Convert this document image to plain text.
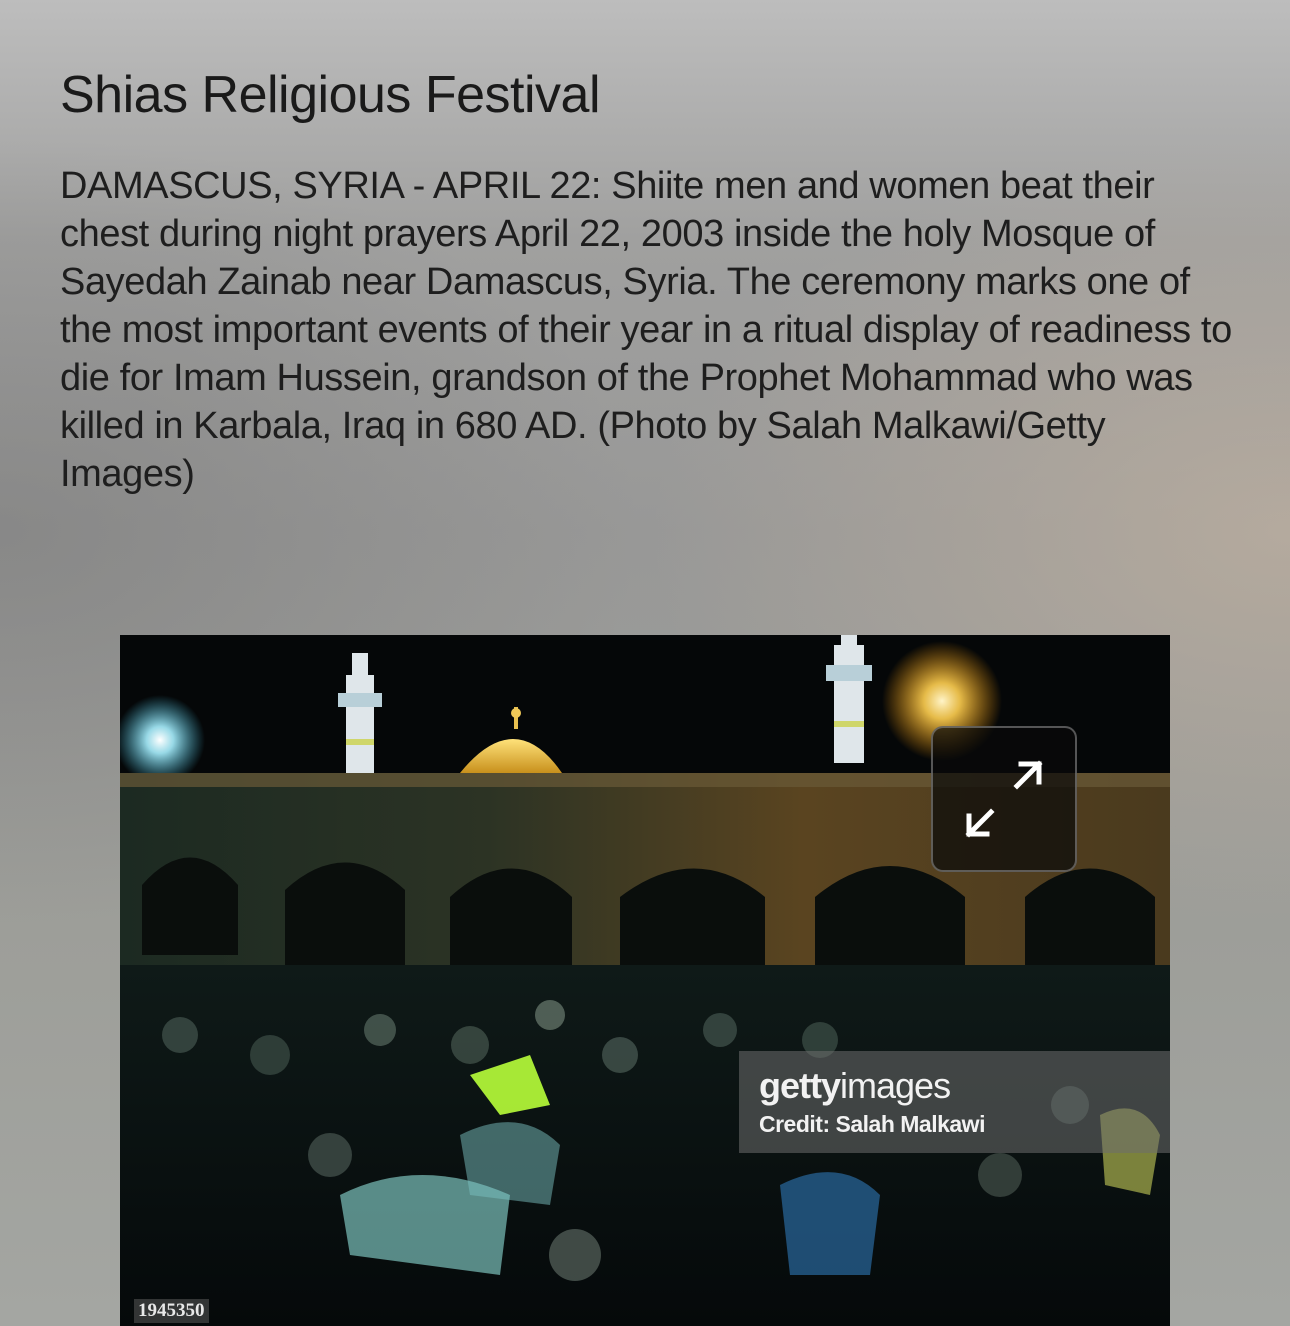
Shias Religious Festival

DAMASCUS, SYRIA - APRIL 22: Shiite men and women beat their chest during night prayers April 22, 2003 inside the holy Mosque of Sayedah Zainab near Damascus, Syria. The ceremony marks one of the most important events of their year in a ritual display of readiness to die for Imam Hussein, grandson of the Prophet Mohammad who was killed in Karbala, Iraq in 680 AD. (Photo by Salah Malkawi/Getty Images)

gettyimages
Credit: Salah Malkawi
1945350
